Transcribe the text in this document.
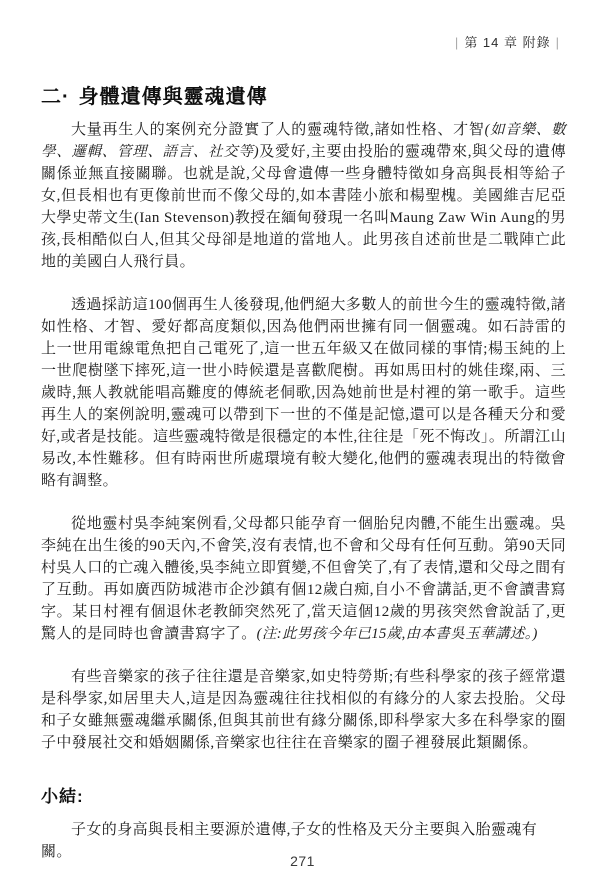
| 第 14 章 附錄 |
二· 身體遺傳與靈魂遺傳

大量再生人的案例充分證實了人的靈魂特徵,諸如性格、才智(如音樂、數學、邏輯、管理、語言、社交等)及愛好,主要由投胎的靈魂帶來,與父母的遺傳關係並無直接關聯。也就是說,父母會遺傳一些身體特徵如身高與長相等給子女,但長相也有更像前世而不像父母的,如本書陸小旅和楊聖槐。美國維吉尼亞大學史蒂文生(Ian Stevenson)教授在緬甸發現一名叫Maung Zaw Win Aung的男孩,長相酷似白人,但其父母卻是地道的當地人。此男孩自述前世是二戰陣亡此地的美國白人飛行員。

透過採訪這100個再生人後發現,他們絕大多數人的前世今生的靈魂特徵,諸如性格、才智、愛好都高度類似,因為他們兩世擁有同一個靈魂。如石詩雷的上一世用電線電魚把自己電死了,這一世五年級又在做同樣的事情;楊玉純的上一世爬樹墜下摔死,這一世小時候還是喜歡爬樹。再如馬田村的姚佳璨,兩、三歲時,無人教就能唱高難度的傳統老侗歌,因為她前世是村裡的第一歌手。這些再生人的案例說明,靈魂可以帶到下一世的不僅是記憶,還可以是各種天分和愛好,或者是技能。這些靈魂特徵是很穩定的本性,往往是「死不悔改」。所謂江山易改,本性難移。但有時兩世所處環境有較大變化,他們的靈魂表現出的特徵會略有調整。

從地靈村吳李純案例看,父母都只能孕育一個胎兒肉體,不能生出靈魂。吳李純在出生後的90天內,不會笑,沒有表情,也不會和父母有任何互動。第90天同村吳人口的亡魂入體後,吳李純立即質變,不但會笑了,有了表情,還和父母之間有了互動。再如廣西防城港市企沙鎮有個12歲白痴,自小不會講話,更不會讀書寫字。某日村裡有個退休老教師突然死了,當天這個12歲的男孩突然會說話了,更驚人的是同時也會讀書寫字了。(注:此男孩今年已15歲,由本書吳玉華講述。)

有些音樂家的孩子往往還是音樂家,如史特勞斯;有些科學家的孩子經常還是科學家,如居里夫人,這是因為靈魂往往找相似的有緣分的人家去投胎。父母和子女雖無靈魂繼承關係,但與其前世有緣分關係,即科學家大多在科學家的圈子中發展社交和婚姻關係,音樂家也往往在音樂家的圈子裡發展此類關係。

小結:

子女的身高與長相主要源於遺傳,子女的性格及天分主要與入胎靈魂有關。

271
